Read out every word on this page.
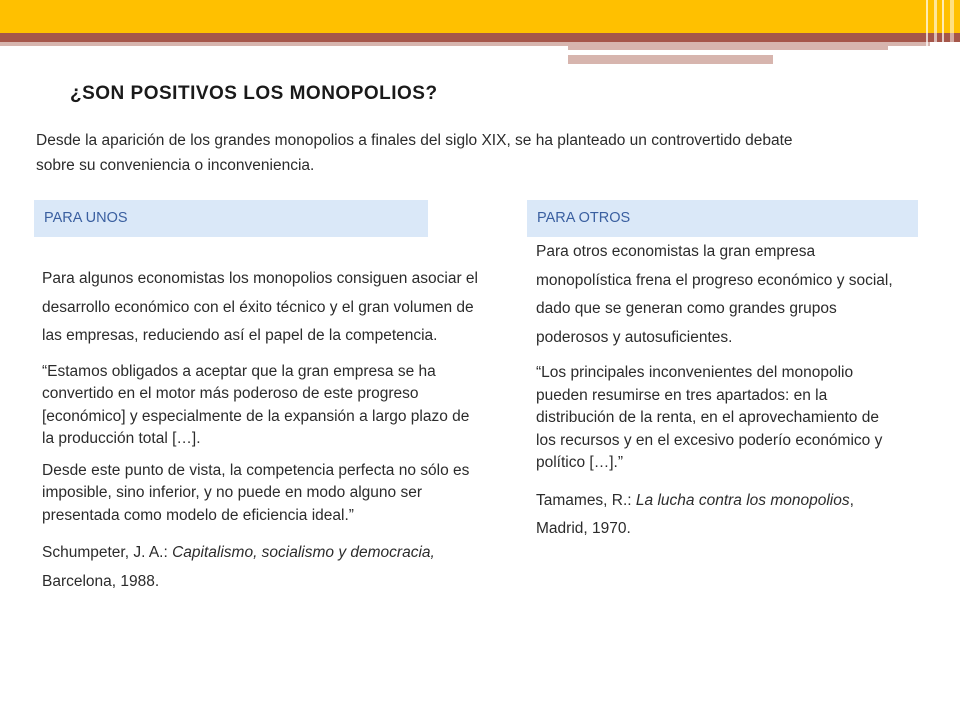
¿SON POSITIVOS LOS MONOPOLIOS?
Desde la aparición de los grandes monopolios a finales del siglo XIX, se ha planteado un controvertido debate sobre su conveniencia o inconveniencia.
PARA UNOS	PARA OTROS

Para algunos economistas los monopolios consiguen asociar el desarrollo económico con el éxito técnico y el gran volumen de las empresas, reduciendo así el papel de la competencia.

“Estamos obligados a aceptar que la gran empresa se ha convertido en el motor más poderoso de este progreso [económico] y especialmente de la expansión a largo plazo de la producción total […].

Desde este punto de vista, la competencia perfecta no sólo es imposible, sino inferior, y no puede en modo alguno ser presentada como modelo de eficiencia ideal.”

Schumpeter, J. A.: Capitalismo, socialismo y democracia, Barcelona, 1988.

Para otros economistas la gran empresa monopolística frena el progreso económico y social, dado que se generan como grandes grupos poderosos y autosuficientes.

“Los principales inconvenientes del monopolio pueden resumirse en tres apartados: en la distribución de la renta, en el aprovechamiento de los recursos y en el excesivo poderío económico y político […].”

Tamames, R.: La lucha contra los monopolios, Madrid, 1970.
